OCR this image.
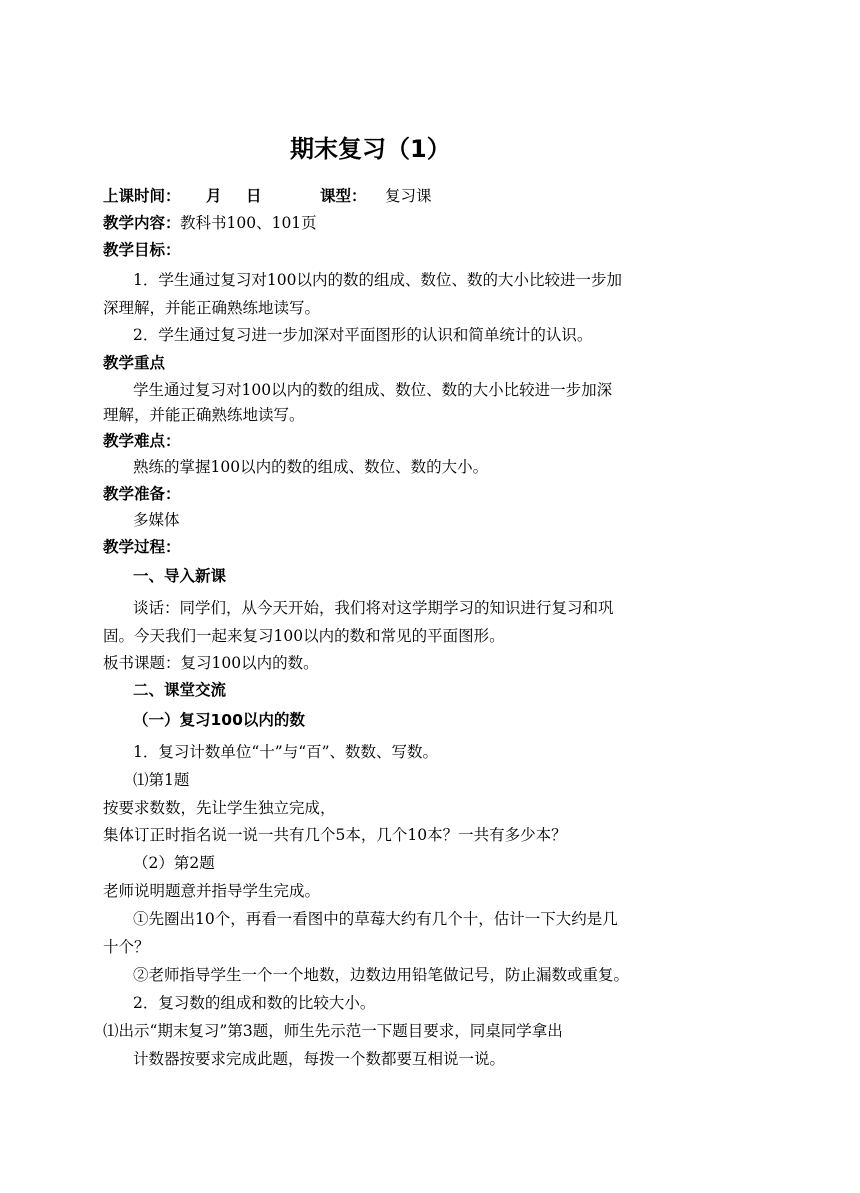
期末复习（1）
上课时间： 月 日	课型： 复习课
教学内容： 教科书100、101页
教学目标：
1．学生通过复习对100以内的数的组成、数位、数的大小比较进一步加
深理解，并能正确熟练地读写。
2．学生通过复习进一步加深对平面图形的认识和简单统计的认识。
教学重点
学生通过复习对100以内的数的组成、数位、数的大小比较进一步加深
理解，并能正确熟练地读写。
教学难点：
熟练的掌握100以内的数的组成、数位、数的大小。
教学准备：
多媒体
教学过程：
一、导入新课
谈话：同学们，从今天开始，我们将对这学期学习的知识进行复习和巩
固。今天我们一起来复习100以内的数和常见的平面图形。
板书课题：复习100以内的数。
二、课堂交流
（一）复习100以内的数
1．复习计数单位“十”与“百”、数数、写数。
⑴第1题
按要求数数，先让学生独立完成，
集体订正时指名说一说一共有几个5本，几个10本？一共有多少本？
（2）第2题
老师说明题意并指导学生完成。
①先圈出10个，再看一看图中的草莓大约有几个十，估计一下大约是几
十个？
②老师指导学生一个一个地数，边数边用铅笔做记号，防止漏数或重复。
2．复习数的组成和数的比较大小。
⑴出示“期末复习”第3题，师生先示范一下题目要求，同桌同学拿出
计数器按要求完成此题，每拨一个数都要互相说一说。
